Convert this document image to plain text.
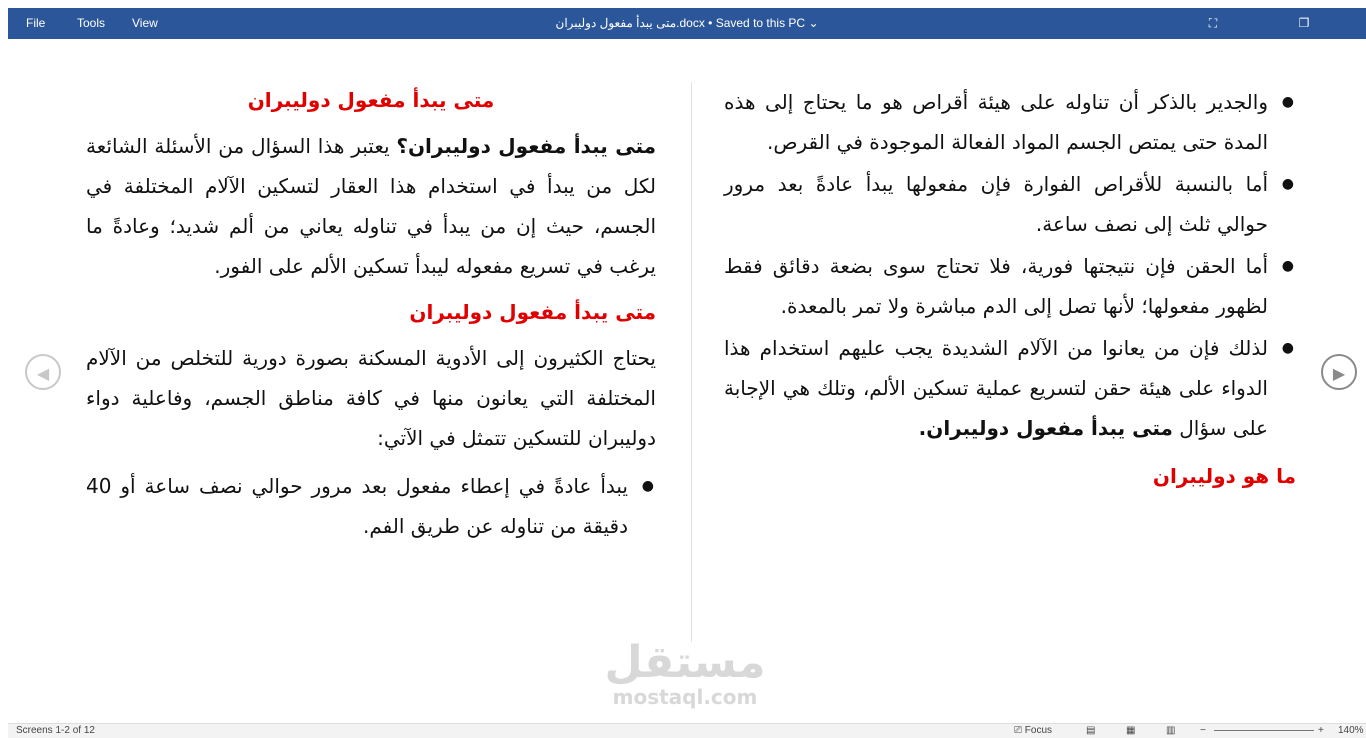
File	Tools View	متى يبدأ مفعول دوليبران.docx • Saved to this PC ⌄	⛶	❐
متى يبدأ مفعول دوليبران

متى يبدأ مفعول دوليبران؟ يعتبر هذا السؤال من الأسئلة الشائعة لكل من يبدأ في استخدام هذا العقار لتسكين الآلام المختلفة في الجسم، حيث إن من يبدأ في تناوله يعاني من ألم شديد؛ وعادةً ما يرغب في تسريع مفعوله ليبدأ تسكين الألم على الفور.

متى يبدأ مفعول دوليبران

يحتاج الكثيرون إلى الأدوية المسكنة بصورة دورية للتخلص من الآلام المختلفة التي يعانون منها في كافة مناطق الجسم، وفاعلية دواء دوليبران للتسكين تتمثل في الآتي:

● يبدأ عادةً في إعطاء مفعول بعد مرور حوالي نصف ساعة أو 40 دقيقة من تناوله عن طريق الفم.
● والجدير بالذكر أن تناوله على هيئة أقراص هو ما يحتاج إلى هذه المدة حتى يمتص الجسم المواد الفعالة الموجودة في القرص.
● أما بالنسبة للأقراص الفوارة فإن مفعولها يبدأ عادةً بعد مرور حوالي ثلث إلى نصف ساعة.
● أما الحقن فإن نتيجتها فورية، فلا تحتاج سوى بضعة دقائق فقط لظهور مفعولها؛ لأنها تصل إلى الدم مباشرة ولا تمر بالمعدة.
● لذلك فإن من يعانوا من الآلام الشديدة يجب عليهم استخدام هذا الدواء على هيئة حقن لتسريع عملية تسكين الألم، وتلك هي الإجابة على سؤال متى يبدأ مفعول دوليبران.
ما هو دوليبران
◀	▶
مستقل
mostaql.com
Screens 1-2 of 12	⎚ Focus	▤	▦	▥ −	+ 140%
